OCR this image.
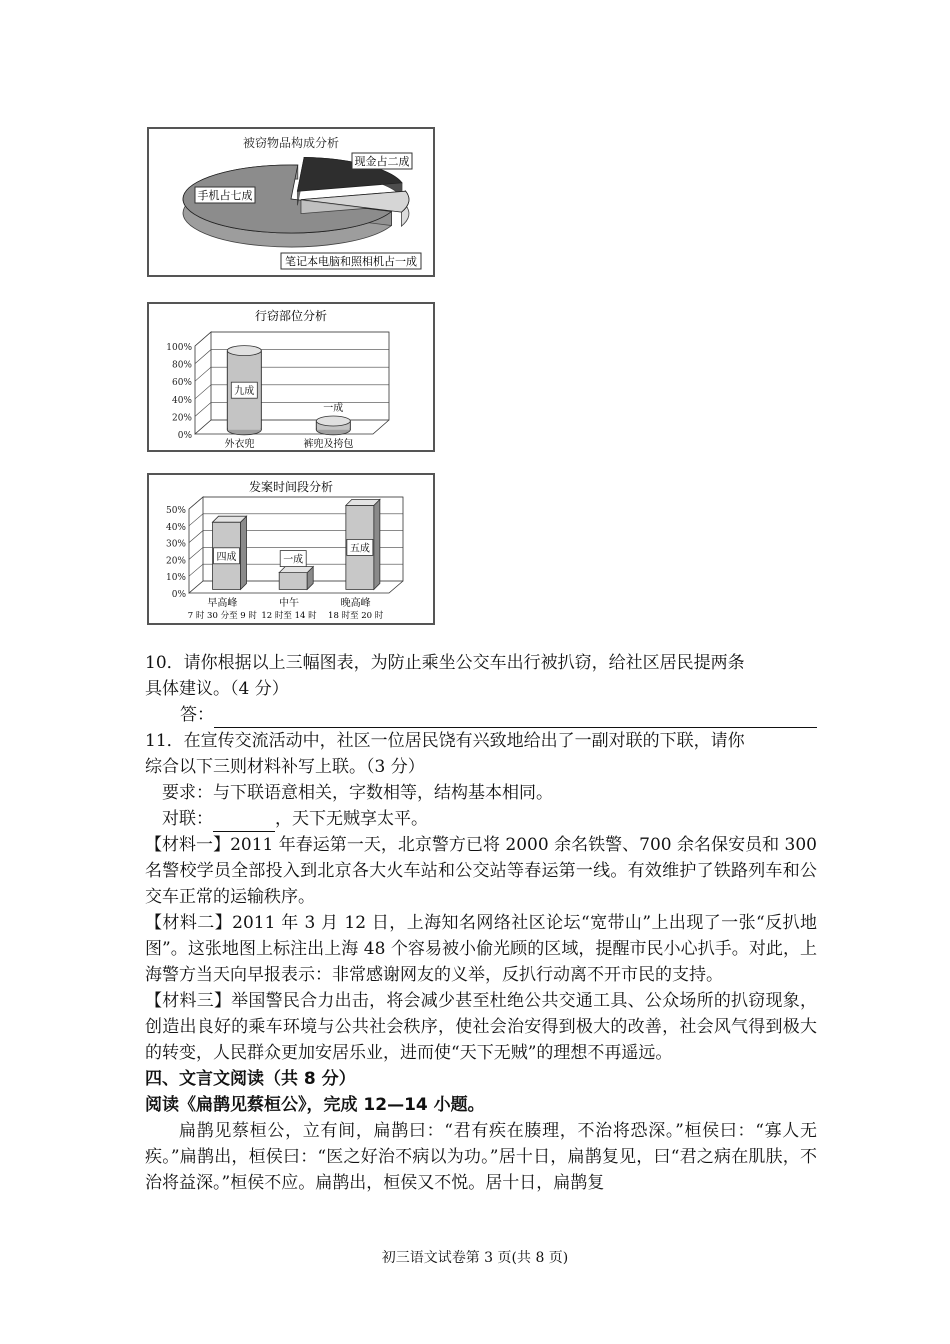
被窃物品构成分析
现金占二成
手机占七成
笔记本电脑和照相机占一成
行窃部位分析
100%
80%
60%
40%
20%
0%
九成
外衣兜
一成
裤兜及挎包
发案时间段分析
50%
40%
30%
20%
10%
0%
四成
早高峰
7 时 30 分至 9 时
一成
中午
12 时至 14 时
五成
晚高峰
18 时至 20 时

10．请你根据以上三幅图表，为防止乘坐公交车出行被扒窃，给社区居民提两条

具体建议。（4 分）

答：

11．在宣传交流活动中，社区一位居民饶有兴致地给出了一副对联的下联，请你

综合以下三则材料补写上联。（3 分）

要求：与下联语意相关，字数相等，结构基本相同。

对联：	，天下无贼享太平。

【材料一】2011 年春运第一天，北京警方已将 2000 余名铁警、700 余名保安员和 300 名警校学员全部投入到北京各大火车站和公交站等春运第一线。有效维护了铁路列车和公交车正常的运输秩序。

【材料二】2011 年 3 月 12 日，上海知名网络社区论坛“宽带山”上出现了一张“反扒地图”。这张地图上标注出上海 48 个容易被小偷光顾的区域，提醒市民小心扒手。对此，上海警方当天向早报表示：非常感谢网友的义举，反扒行动离不开市民的支持。

【材料三】举国警民合力出击，将会减少甚至杜绝公共交通工具、公众场所的扒窃现象，创造出良好的乘车环境与公共社会秩序，使社会治安得到极大的改善，社会风气得到极大的转变，人民群众更加安居乐业，进而使“天下无贼”的理想不再遥远。

四、文言文阅读（共 8 分）

阅读《扁鹊见蔡桓公》，完成 12—14 小题。

扁鹊见蔡桓公，立有间，扁鹊曰：“君有疾在腠理，不治将恐深。”桓侯曰：“寡人无疾。”扁鹊出，桓侯曰：“医之好治不病以为功。”居十日，扁鹊复见，曰“君之病在肌肤，不治将益深。”桓侯不应。扁鹊出，桓侯又不悦。居十日，扁鹊复

初三语文试卷第 3 页(共 8 页)
